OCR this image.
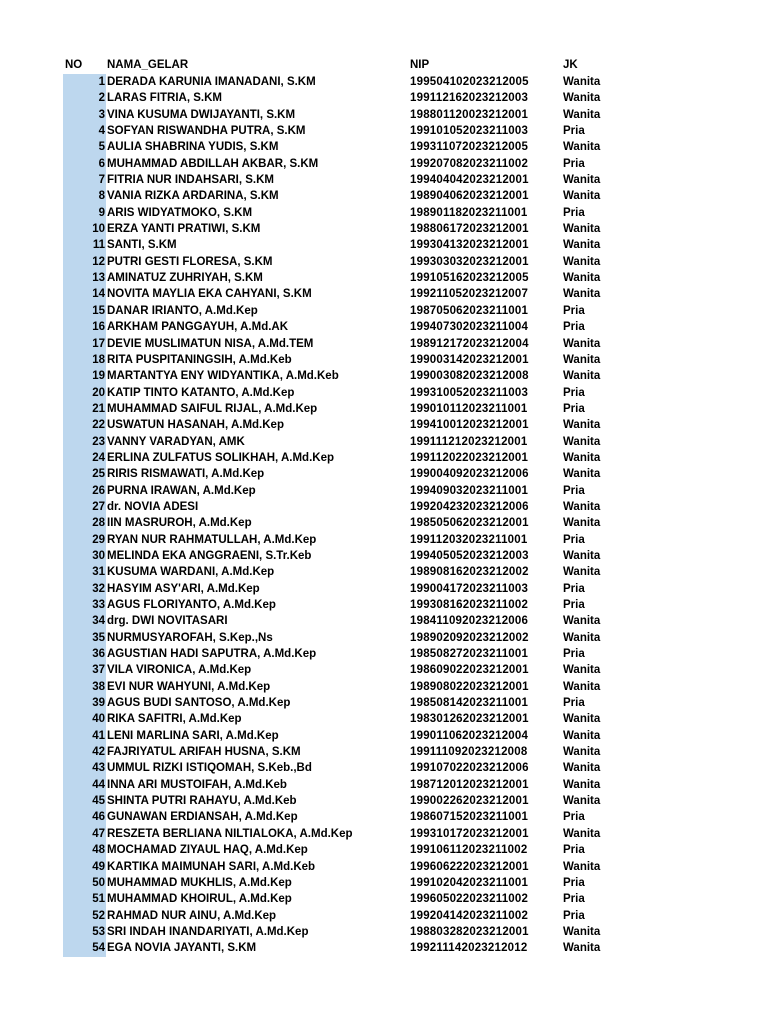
NO NAMA_GELAR	NIP	JK
1 DERADA KARUNIA IMANADANI, S.KM	199504102023212005	Wanita
2 LARAS FITRIA, S.KM	199112162023212003	Wanita
3 VINA KUSUMA DWIJAYANTI, S.KM	198801120023212001	Wanita
4 SOFYAN RISWANDHA PUTRA, S.KM	199101052023211003	Pria
5 AULIA SHABRINA YUDIS, S.KM	199311072023212005	Wanita
6 MUHAMMAD ABDILLAH AKBAR, S.KM	199207082023211002	Pria
7 FITRIA NUR INDAHSARI, S.KM	199404042023212001	Wanita
8 VANIA RIZKA ARDARINA, S.KM	198904062023212001	Wanita
9 ARIS WIDYATMOKO, S.KM	198901182023211001	Pria
10 ERZA YANTI PRATIWI, S.KM	198806172023212001	Wanita
11 SANTI, S.KM	199304132023212001	Wanita
12 PUTRI GESTI FLORESA, S.KM	199303032023212001	Wanita
13 AMINATUZ ZUHRIYAH, S.KM	199105162023212005	Wanita
14 NOVITA MAYLIA EKA CAHYANI, S.KM	199211052023212007	Wanita
15 DANAR IRIANTO, A.Md.Kep	198705062023211001	Pria
16 ARKHAM PANGGAYUH, A.Md.AK	199407302023211004	Pria
17 DEVIE MUSLIMATUN NISA, A.Md.TEM	198912172023212004	Wanita
18 RITA PUSPITANINGSIH, A.Md.Keb	199003142023212001	Wanita
19 MARTANTYA ENY WIDYANTIKA, A.Md.Keb	199003082023212008	Wanita
20 KATIP TINTO KATANTO, A.Md.Kep	199310052023211003	Pria
21 MUHAMMAD SAIFUL RIJAL, A.Md.Kep	199010112023211001	Pria
22 USWATUN HASANAH, A.Md.Kep	199410012023212001	Wanita
23 VANNY VARADYAN, AMK	199111212023212001	Wanita
24 ERLINA ZULFATUS SOLIKHAH, A.Md.Kep	199112022023212001	Wanita
25 RIRIS RISMAWATI, A.Md.Kep	199004092023212006	Wanita
26 PURNA IRAWAN, A.Md.Kep	199409032023211001	Pria
27 dr. NOVIA ADESI	199204232023212006	Wanita
28 IIN MASRUROH, A.Md.Kep	198505062023212001	Wanita
29 RYAN NUR RAHMATULLAH, A.Md.Kep	199112032023211001	Pria
30 MELINDA EKA ANGGRAENI, S.Tr.Keb	199405052023212003	Wanita
31 KUSUMA WARDANI, A.Md.Kep	198908162023212002	Wanita
32 HASYIM ASY'ARI, A.Md.Kep	199004172023211003	Pria
33 AGUS FLORIYANTO, A.Md.Kep	199308162023211002	Pria
34 drg. DWI NOVITASARI	198411092023212006	Wanita
35 NURMUSYAROFAH, S.Kep.,Ns	198902092023212002	Wanita
36 AGUSTIAN HADI SAPUTRA, A.Md.Kep	198508272023211001	Pria
37 VILA VIRONICA, A.Md.Kep	198609022023212001	Wanita
38 EVI NUR WAHYUNI, A.Md.Kep	198908022023212001	Wanita
39 AGUS BUDI SANTOSO, A.Md.Kep	198508142023211001	Pria
40 RIKA SAFITRI, A.Md.Kep	198301262023212001	Wanita
41 LENI MARLINA SARI, A.Md.Kep	199011062023212004	Wanita
42 FAJRIYATUL ARIFAH HUSNA, S.KM	199111092023212008	Wanita
43 UMMUL RIZKI ISTIQOMAH, S.Keb.,Bd	199107022023212006	Wanita
44 INNA ARI MUSTOIFAH, A.Md.Keb	198712012023212001	Wanita
45 SHINTA PUTRI RAHAYU, A.Md.Keb	199002262023212001	Wanita
46 GUNAWAN ERDIANSAH, A.Md.Kep	198607152023211001	Pria
47 RESZETA BERLIANA NILTIALOKA, A.Md.Kep	199310172023212001	Wanita
48 MOCHAMAD ZIYAUL HAQ, A.Md.Kep	199106112023211002	Pria
49 KARTIKA MAIMUNAH SARI, A.Md.Keb	199606222023212001	Wanita
50 MUHAMMAD MUKHLIS, A.Md.Kep	199102042023211001	Pria
51 MUHAMMAD KHOIRUL, A.Md.Kep	199605022023211002	Pria
52 RAHMAD NUR AINU, A.Md.Kep	199204142023211002	Pria
53 SRI INDAH INANDARIYATI, A.Md.Kep	198803282023212001	Wanita
54 EGA NOVIA JAYANTI, S.KM	199211142023212012	Wanita
